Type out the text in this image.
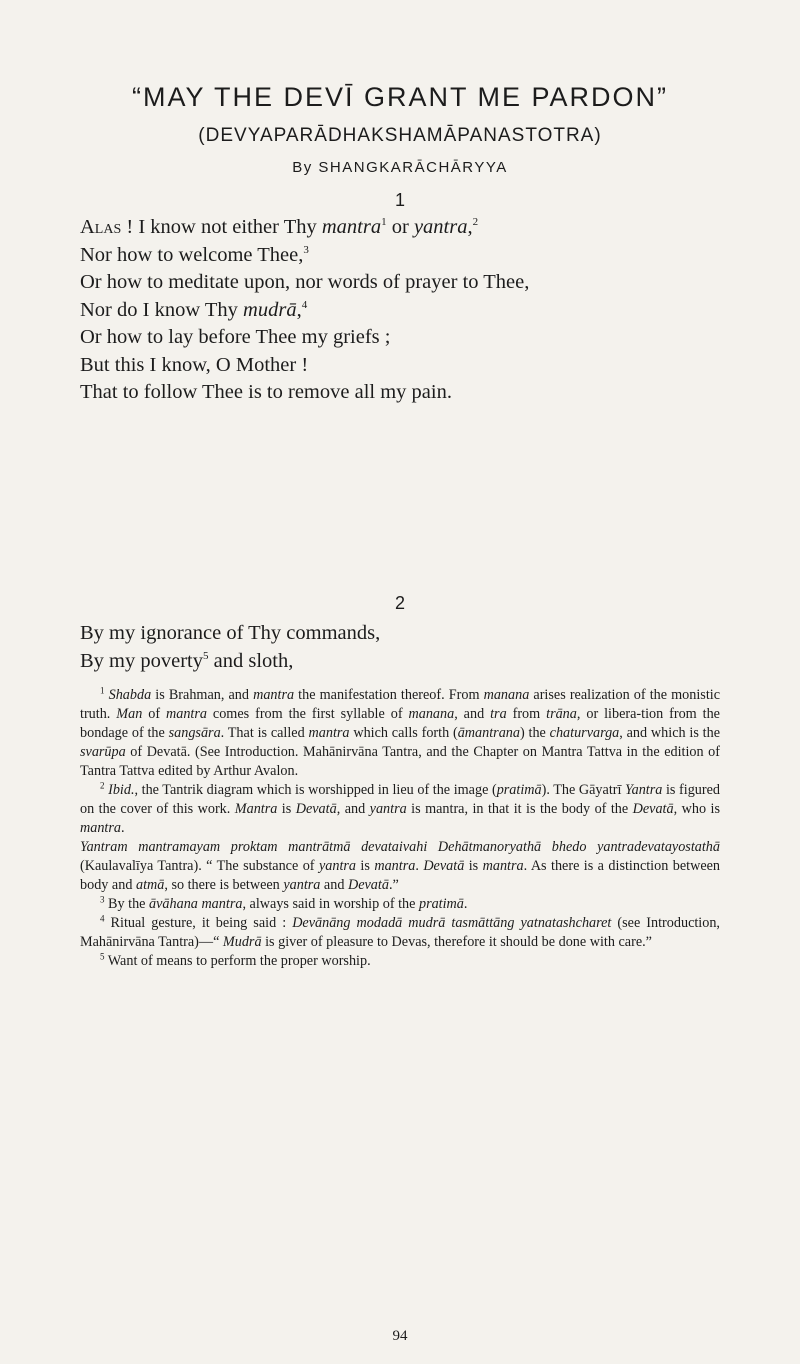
“MAY THE DEVĪ GRANT ME PARDON”
(DEVYAPARĀDHAKSHAMĀPANASTOTRA)
By SHANGKARĀCHĀRYYA
1
Alas ! I know not either Thy mantra$^1$ or yantra,$^2$
Nor how to welcome Thee,$^3$
Or how to meditate upon, nor words of prayer to Thee,
Nor do I know Thy mudrā,$^4$
Or how to lay before Thee my griefs ;
But this I know, O Mother !
That to follow Thee is to remove all my pain.
2
By my ignorance of Thy commands,
By my poverty$^5$ and sloth,

$^1$ Shabda is Brahman, and mantra the manifestation thereof. From manana arises realization of the monistic truth. Man of mantra comes from the first syllable of manana, and tra from trāna, or libera-tion from the bondage of the sangsāra. That is called mantra which calls forth (āmantrana) the chaturvarga, and which is the svarūpa of Devatā. (See Introduction. Mahānirvāna Tantra, and the Chapter on Mantra Tattva in the edition of Tantra Tattva edited by Arthur Avalon.

$^2$ Ibid., the Tantrik diagram which is worshipped in lieu of the image (pratimā). The Gāyatrī Yantra is figured on the cover of this work. Mantra is Devatā, and yantra is mantra, in that it is the body of the Devatā, who is mantra.

Yantram mantramayam proktam mantrātmā devataivahi Dehātmanoryathā bhedo yantradevatayostathā (Kaulavalīya Tantra). “ The substance of yantra is mantra. Devatā is mantra. As there is a distinction between body and atmā, so there is between yantra and Devatā.”

$^3$ By the āvāhana mantra, always said in worship of the pratimā.

$^4$ Ritual gesture, it being said : Devānāng modadā mudrā tasmāttāng yatnatashcharet (see Introduction, Mahānirvāna Tantra)—“ Mudrā is giver of pleasure to Devas, therefore it should be done with care.”

$^5$ Want of means to perform the proper worship.

94
